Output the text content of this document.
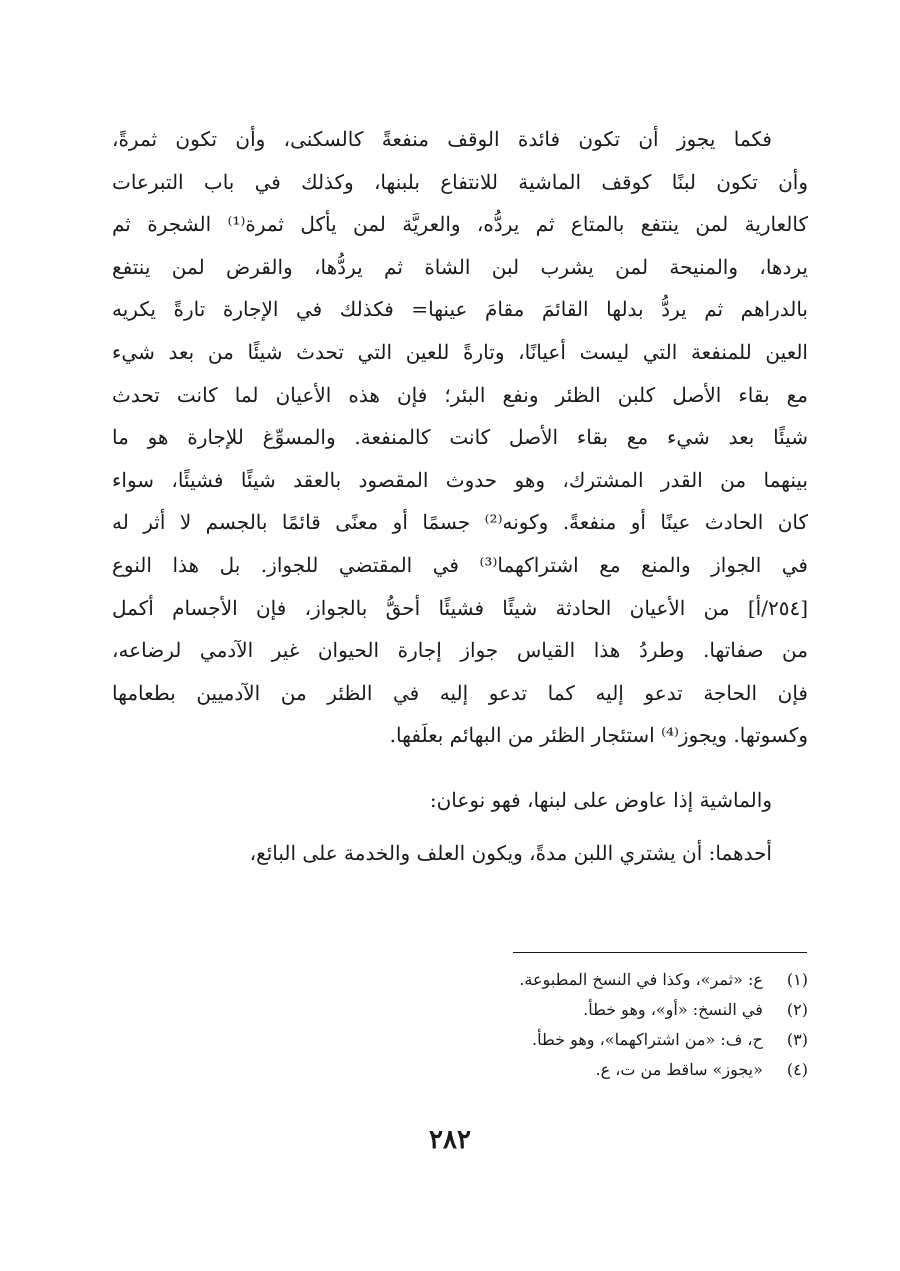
فكما يجوز أن تكون فائدة الوقف منفعةً كالسكنى، وأن تكون ثمرةً،
وأن تكون لبنًا كوقف الماشية للانتفاع بلبنها، وكذلك في باب التبرعات
كالعارية لمن ينتفع بالمتاع ثم يردُّه، والعريَّة لمن يأكل ثمرة⁽¹⁾ الشجرة ثم
يردها، والمنيحة لمن يشرب لبن الشاة ثم يردُّها، والقرض لمن ينتفع
بالدراهم ثم يردُّ بدلها القائمَ مقامَ عينها= فكذلك في الإجارة تارةً يكريه
العين للمنفعة التي ليست أعيانًا، وتارةً للعين التي تحدث شيئًا من بعد شيء
مع بقاء الأصل كلبن الظئر ونفع البئر؛ فإن هذه الأعيان لما كانت تحدث
شيئًا بعد شيء مع بقاء الأصل كانت كالمنفعة. والمسوِّغ للإجارة هو ما
بينهما من القدر المشترك، وهو حدوث المقصود بالعقد شيئًا فشيئًا، سواء
كان الحادث عينًا أو منفعةً. وكونه⁽²⁾ جسمًا أو معنًى قائمًا بالجسم لا أثر له
في الجواز والمنع مع اشتراكهما⁽³⁾ في المقتضي للجواز. بل هذا النوع
[٢٥٤/أ] من الأعيان الحادثة شيئًا فشيئًا أحقُّ بالجواز، فإن الأجسام أكمل
من صفاتها. وطردُ هذا القياس جواز إجارة الحيوان غير الآدمي لرضاعه،
فإن الحاجة تدعو إليه كما تدعو إليه في الظئر من الآدميين بطعامها
وكسوتها. ويجوز⁽⁴⁾ استئجار الظئر من البهائم بعلَفها.
والماشية إذا عاوض على لبنها، فهو نوعان:
أحدهما: أن يشتري اللبن مدةً، ويكون العلف والخدمة على البائع،
(١) ع: «ثمر»، وكذا في النسخ المطبوعة.
(٢) في النسخ: «أو»، وهو خطأ.
(٣) ح، ف: «من اشتراكهما»، وهو خطأ.
(٤) «يجوز» ساقط من ت، ع.
٢٨٢
